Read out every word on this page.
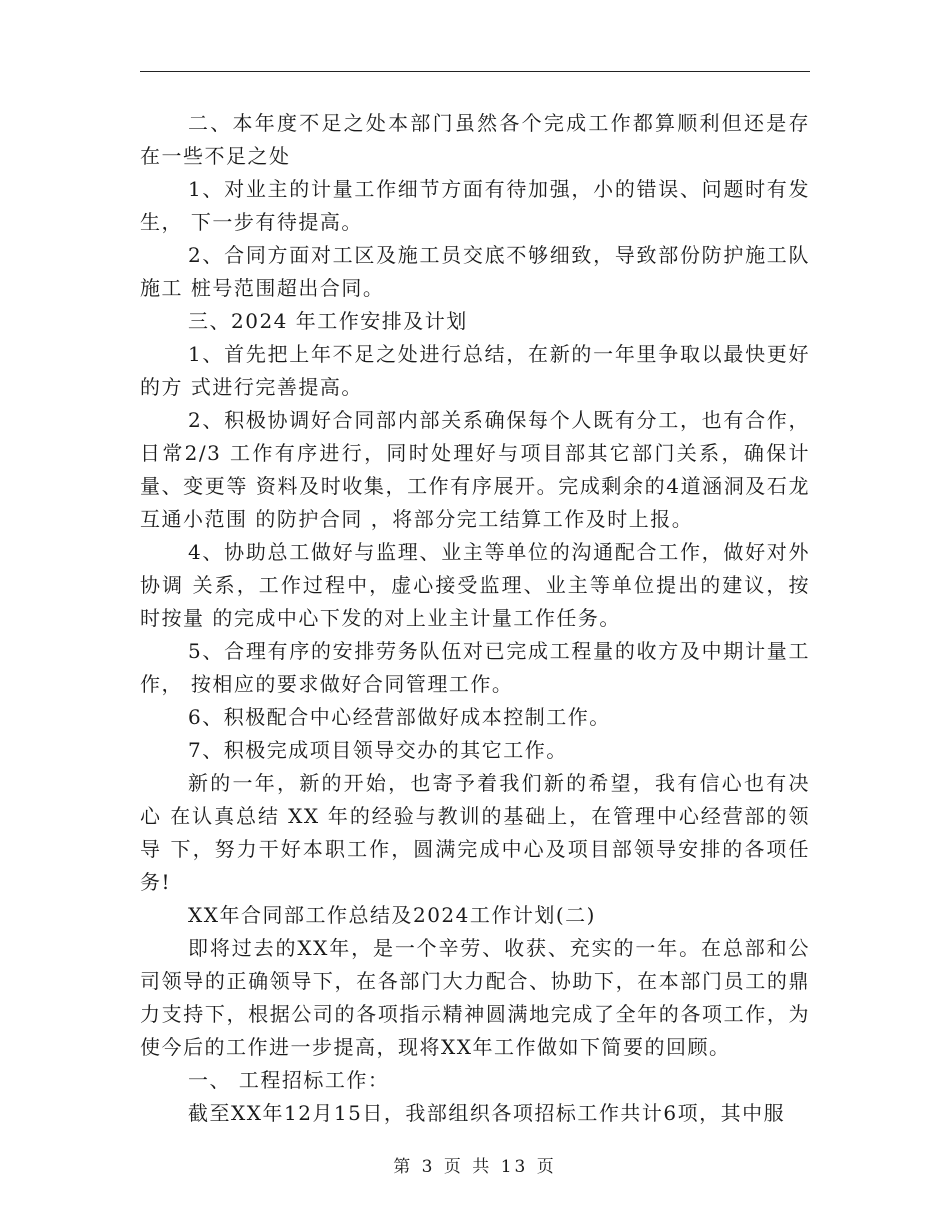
二、本年度不足之处本部门虽然各个完成工作都算顺利但还是存在一些不足之处

1、对业主的计量工作细节方面有待加强，小的错误、问题时有发生， 下一步有待提高。

2、合同方面对工区及施工员交底不够细致，导致部份防护施工队施工 桩号范围超出合同。

三、2024 年工作安排及计划

1、首先把上年不足之处进行总结，在新的一年里争取以最快更好的方 式进行完善提高。

2、积极协调好合同部内部关系确保每个人既有分工，也有合作，日常2/3 工作有序进行，同时处理好与项目部其它部门关系，确保计量、变更等 资料及时收集，工作有序展开。完成剩余的4道涵洞及石龙互通小范围 的防护合同 ，将部分完工结算工作及时上报。

4、协助总工做好与监理、业主等单位的沟通配合工作，做好对外协调 关系，工作过程中，虚心接受监理、业主等单位提出的建议，按时按量 的完成中心下发的对上业主计量工作任务。

5、合理有序的安排劳务队伍对已完成工程量的收方及中期计量工作， 按相应的要求做好合同管理工作。

6、积极配合中心经营部做好成本控制工作。

7、积极完成项目领导交办的其它工作。

新的一年，新的开始，也寄予着我们新的希望，我有信心也有决心 在认真总结 XX 年的经验与教训的基础上，在管理中心经营部的领导 下，努力干好本职工作，圆满完成中心及项目部领导安排的各项任务!

XX年合同部工作总结及2024工作计划(二)

即将过去的XX年，是一个辛劳、收获、充实的一年。在总部和公司领导的正确领导下，在各部门大力配合、协助下，在本部门员工的鼎力支持下，根据公司的各项指示精神圆满地完成了全年的各项工作，为使今后的工作进一步提高，现将XX年工作做如下简要的回顾。

一、 工程招标工作：

截至XX年12月15日，我部组织各项招标工作共计6项，其中服

第 3 页 共 13 页
